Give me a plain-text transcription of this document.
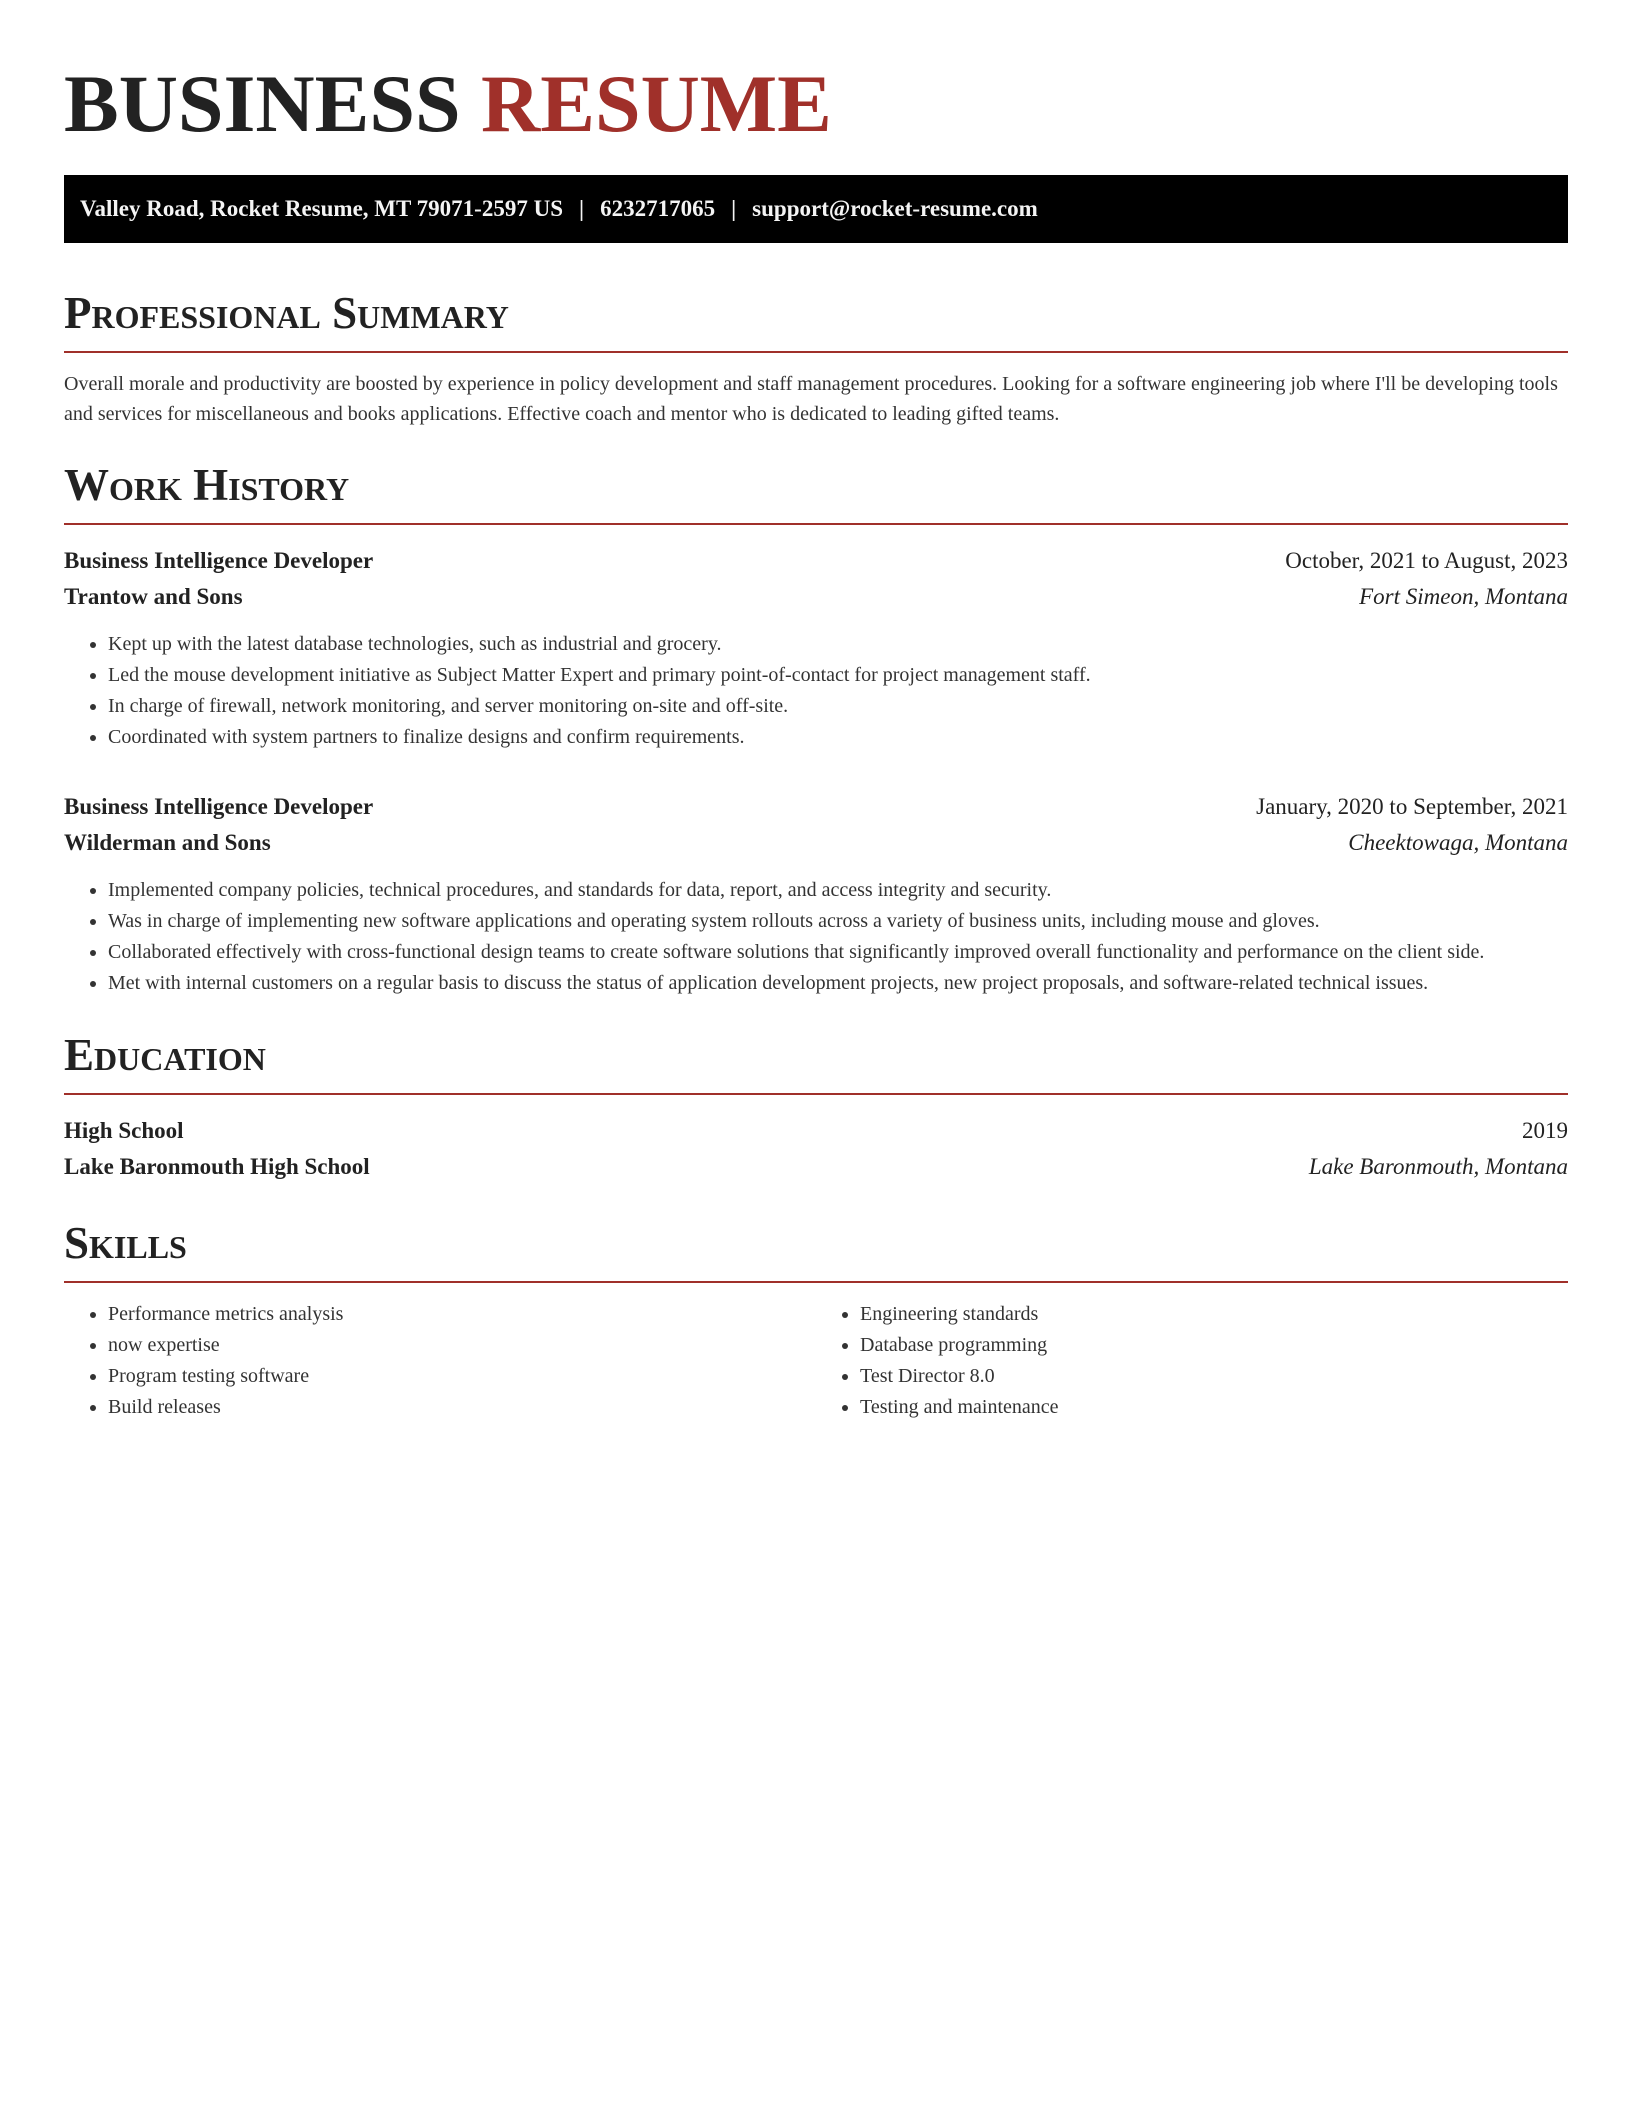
BUSINESS RESUME
Valley Road, Rocket Resume, MT 79071-2597 US | 6232717065 | support@rocket-resume.com
Professional Summary

Overall morale and productivity are boosted by experience in policy development and staff management procedures. Looking for a software engineering job where I'll be developing tools and services for miscellaneous and books applications. Effective coach and mentor who is dedicated to leading gifted teams.

Work History
Business Intelligence Developer	October, 2021 to August, 2023
Trantow and Sons	Fort Simeon, Montana
• Kept up with the latest database technologies, such as industrial and grocery.
• Led the mouse development initiative as Subject Matter Expert and primary point-of-contact for project management staff.
• In charge of firewall, network monitoring, and server monitoring on-site and off-site.
• Coordinated with system partners to finalize designs and confirm requirements.
Business Intelligence Developer	January, 2020 to September, 2021
Wilderman and Sons	Cheektowaga, Montana
• Implemented company policies, technical procedures, and standards for data, report, and access integrity and security.
• Was in charge of implementing new software applications and operating system rollouts across a variety of business units, including mouse and gloves.
• Collaborated effectively with cross-functional design teams to create software solutions that significantly improved overall functionality and performance on the client side.
• Met with internal customers on a regular basis to discuss the status of application development projects, new project proposals, and software-related technical issues.
Education
High School	2019
Lake Baronmouth High School	Lake Baronmouth, Montana
Skills
• Performance metrics analysis
• now expertise
• Program testing software
• Build releases
• Engineering standards
• Database programming
• Test Director 8.0
• Testing and maintenance
